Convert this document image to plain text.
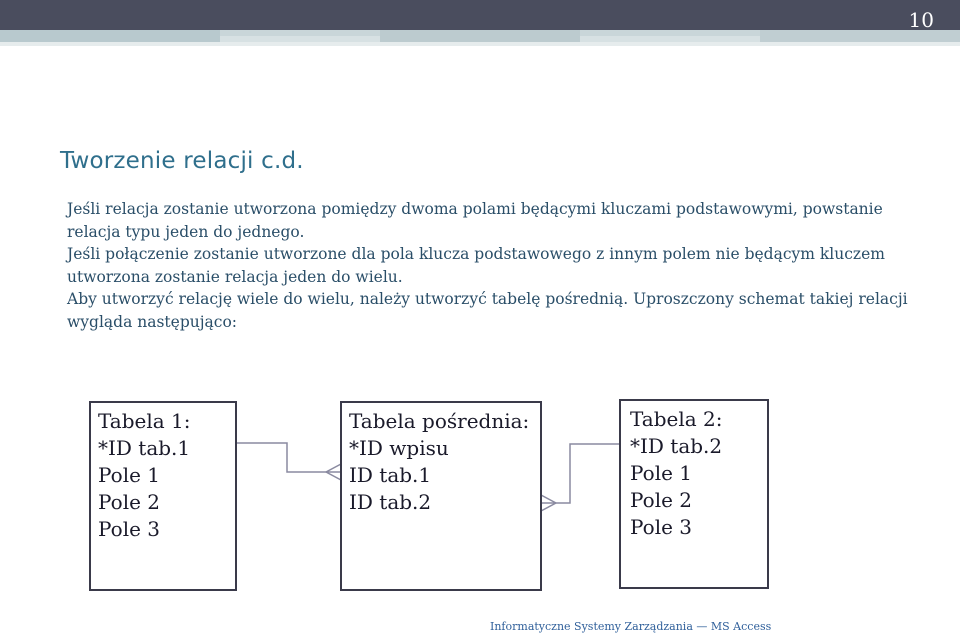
10
Tworzenie relacji c.d.

Jeśli relacja zostanie utworzona pomiędzy dwoma polami będącymi kluczami podstawowymi, powstanie relacja typu jeden do jednego.

Jeśli połączenie zostanie utworzone dla pola klucza podstawowego z innym polem nie będącym kluczem utworzona zostanie relacja jeden do wielu.

Aby utworzyć relację wiele do wielu, należy utworzyć tabelę pośrednią. Uproszczony schemat takiej relacji wygląda następująco:

Tabela 1:
*ID tab.1
Pole 1
Pole 2
Pole 3
Tabela pośrednia:
*ID wpisu
ID tab.1
ID tab.2
Tabela 2:
*ID tab.2
Pole 1
Pole 2
Pole 3
Informatyczne Systemy Zarządzania — MS Access
